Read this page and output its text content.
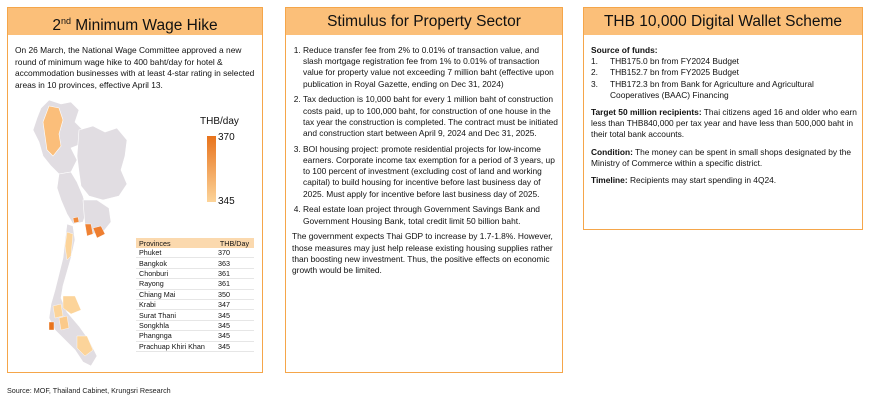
2nd Minimum Wage Hike
On 26 March, the National Wage Committee approved a new round of minimum wage hike to 400 baht/day for hotel & accommodation businesses with at least 4-star rating in selected areas in 10 provinces, effective April 13.
THB/day
370
345
Provinces	THB/Day
Phuket	370
Bangkok	363
Chonburi	361
Rayong	361
Chiang Mai	350
Krabi	347
Surat Thani	345
Songkhla	345
Phangnga	345
Prachuap Khiri Khan	345
Stimulus for Property Sector
1. Reduce transfer fee from 2% to 0.01% of transaction value, and slash mortgage registration fee from 1% to 0.01% of transaction value for property value not exceeding 7 million baht (effective upon publication in Royal Gazette, ending on Dec 31, 2024)
2. Tax deduction is 10,000 baht for every 1 million baht of construction costs paid, up to 100,000 baht, for construction of one house in the tax year the construction is completed. The contract must be initiated and construction start between April 9, 2024 and Dec 31, 2025.
3. BOI housing project: promote residential projects for low-income earners. Corporate income tax exemption for a period of 3 years, up to 100 percent of investment (excluding cost of land and working capital) to build housing for incentive before last business day of 2025. Must apply for incentive before last business day of 2025.
4. Real estate loan project through Government Savings Bank and Government Housing Bank, total credit limit 50 billion baht.

The government expects Thai GDP to increase by 1.7-1.8%. However, those measures may just help release existing housing supplies rather than boosting new investment. Thus, the positive effects on economic growth would be limited.

THB 10,000 Digital Wallet Scheme
Source of funds:
1.	THB175.0 bn from FY2024 Budget
2.	THB152.7 bn from FY2025 Budget
3.	THB172.3 bn from Bank for Agriculture and Agricultural Cooperatives (BAAC) Financing

Target 50 million recipients: Thai citizens aged 16 and older who earn less than THB840,000 per tax year and have less than 500,000 baht in their total bank accounts.

Condition: The money can be spent in small shops designated by the Ministry of Commerce within a specific district.

Timeline: Recipients may start spending in 4Q24.

Source: MOF, Thailand Cabinet, Krungsri Research
